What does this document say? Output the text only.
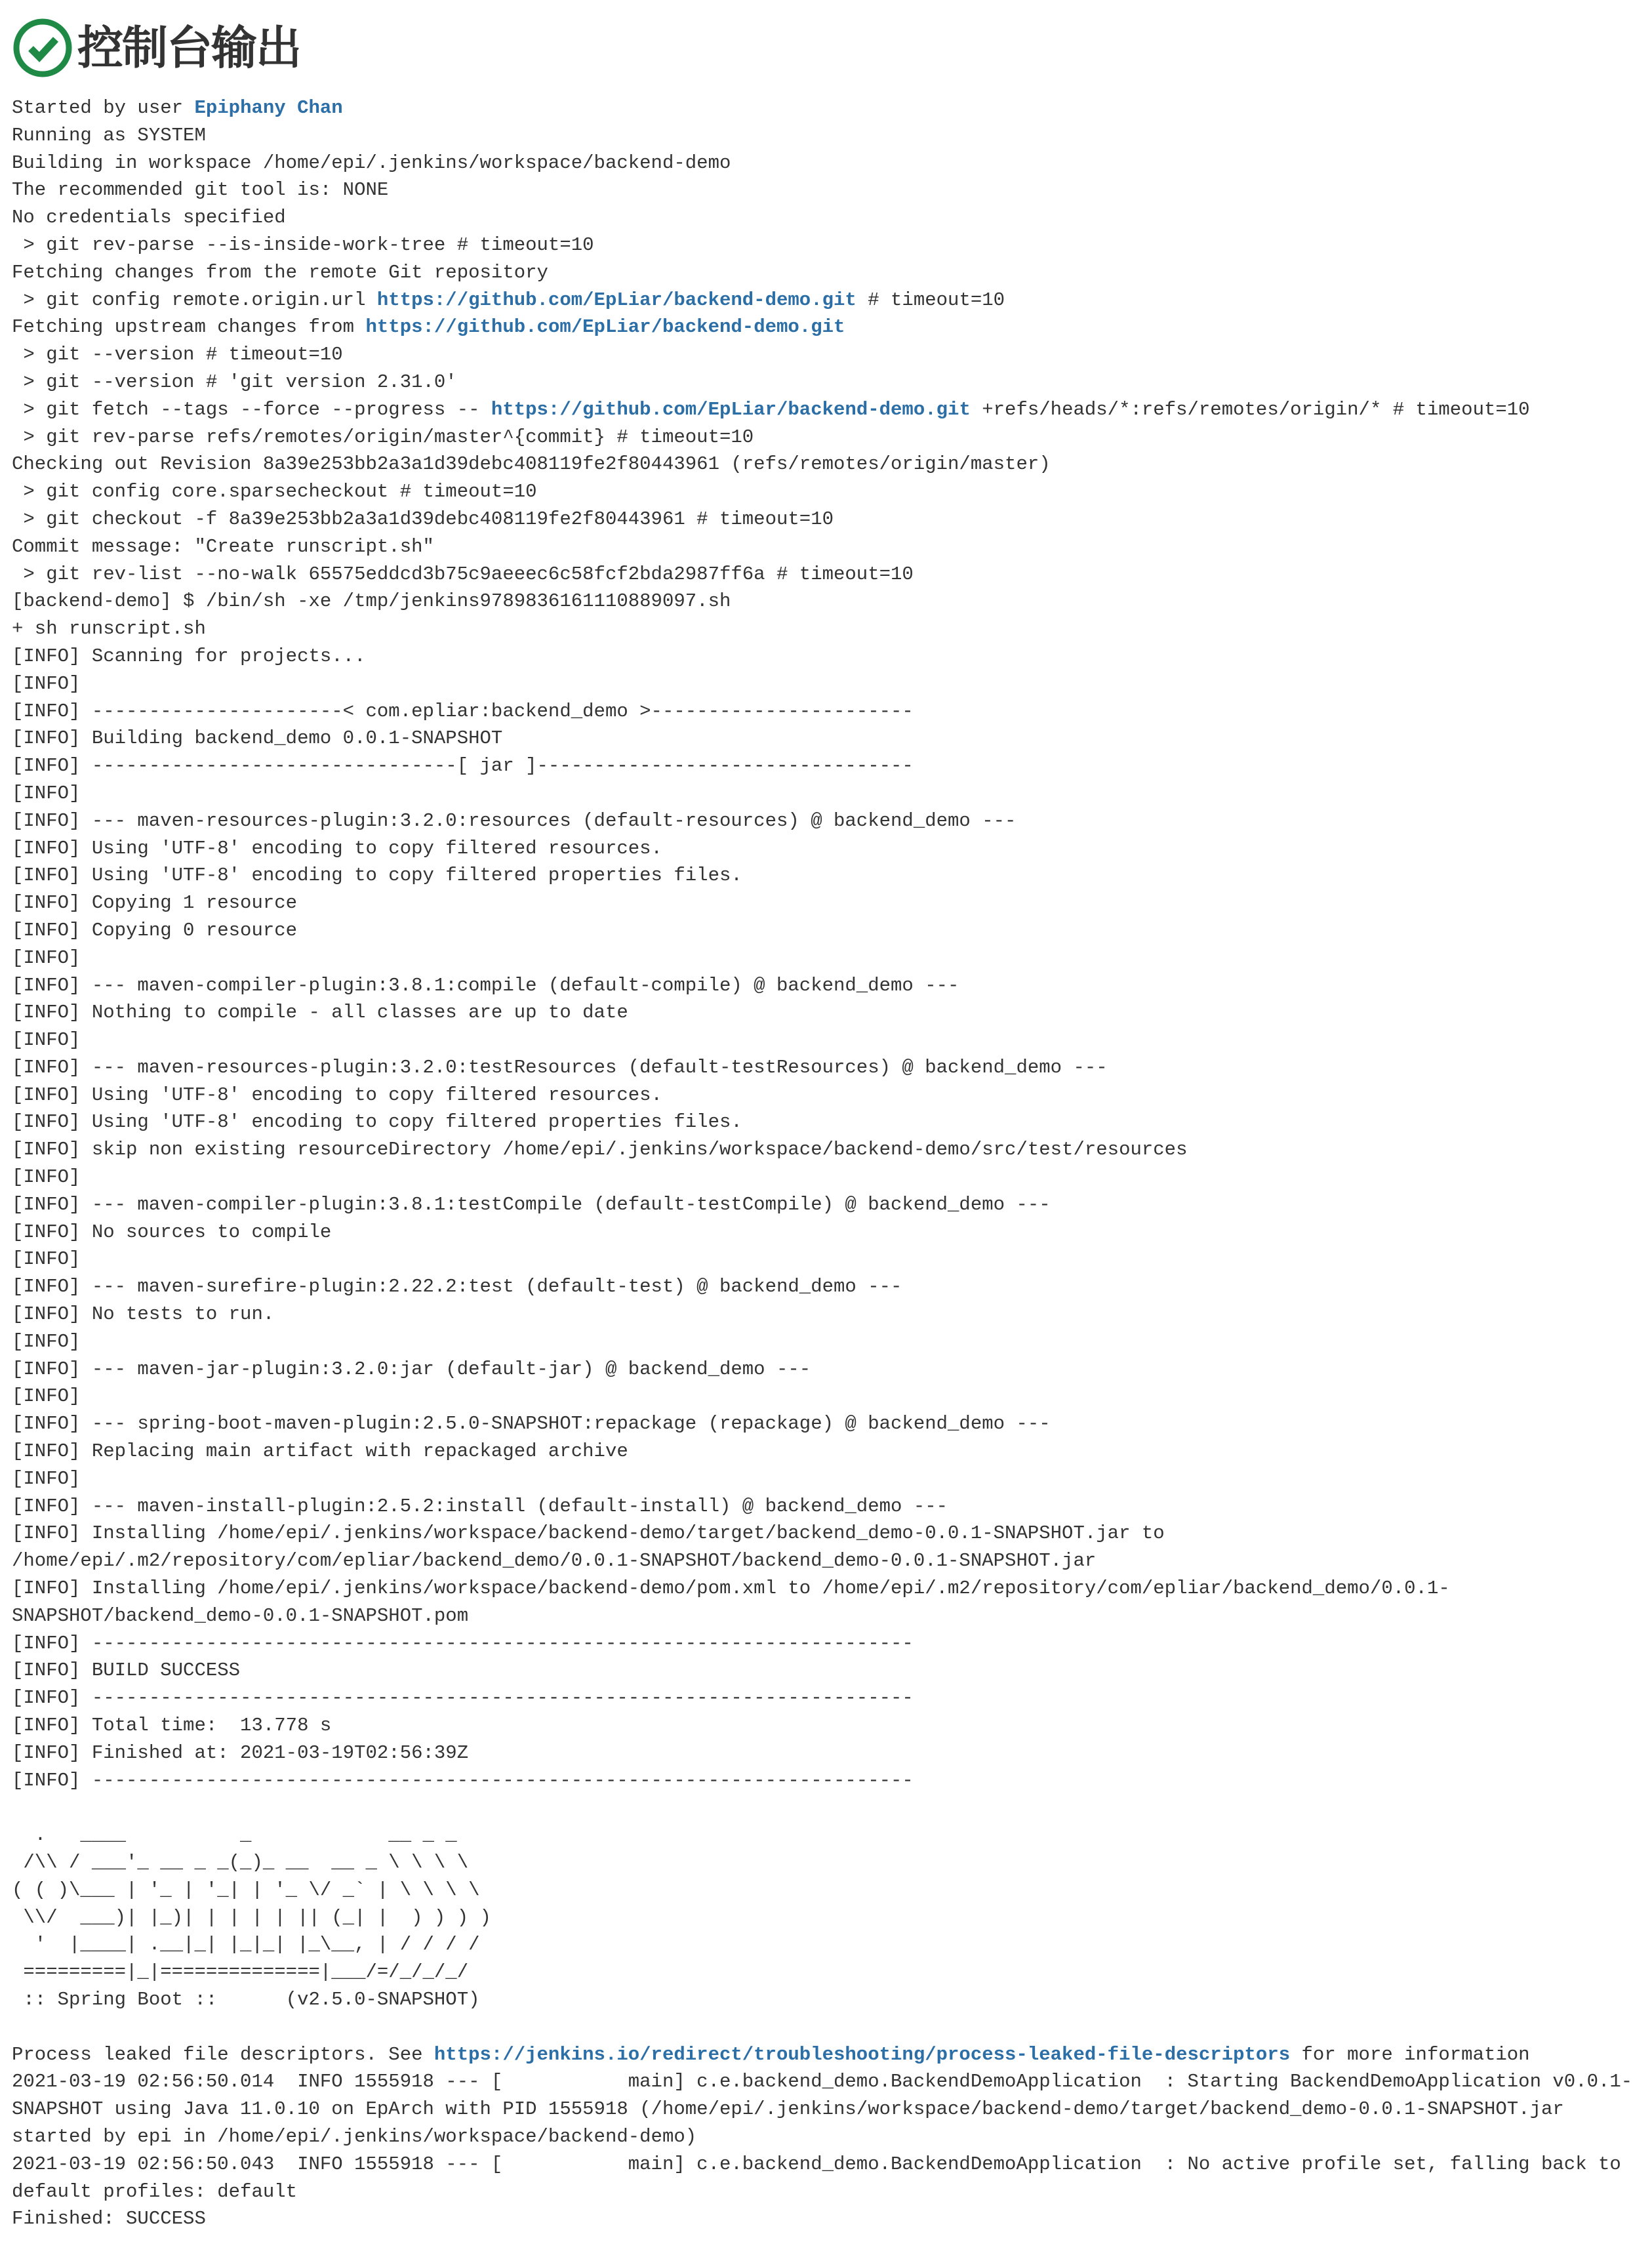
控制台输出
Started by user Epiphany Chan
Running as SYSTEM
Building in workspace /home/epi/.jenkins/workspace/backend-demo
The recommended git tool is: NONE
No credentials specified
> git rev-parse --is-inside-work-tree # timeout=10
Fetching changes from the remote Git repository
> git config remote.origin.url https://github.com/EpLiar/backend-demo.git # timeout=10
Fetching upstream changes from https://github.com/EpLiar/backend-demo.git
> git --version # timeout=10
> git --version # 'git version 2.31.0'
> git fetch --tags --force --progress -- https://github.com/EpLiar/backend-demo.git +refs/heads/*:refs/remotes/origin/* # timeout=10
> git rev-parse refs/remotes/origin/master^{commit} # timeout=10
Checking out Revision 8a39e253bb2a3a1d39debc408119fe2f80443961 (refs/remotes/origin/master)
> git config core.sparsecheckout # timeout=10
> git checkout -f 8a39e253bb2a3a1d39debc408119fe2f80443961 # timeout=10
Commit message: "Create runscript.sh"
> git rev-list --no-walk 65575eddcd3b75c9aeeec6c58fcf2bda2987ff6a # timeout=10
[backend-demo] $ /bin/sh -xe /tmp/jenkins9789836161110889097.sh
+ sh runscript.sh
[INFO] Scanning for projects...
[INFO]
[INFO] ----------------------< com.epliar:backend_demo >-----------------------
[INFO] Building backend_demo 0.0.1-SNAPSHOT
[INFO] --------------------------------[ jar ]---------------------------------
[INFO]
[INFO] --- maven-resources-plugin:3.2.0:resources (default-resources) @ backend_demo ---
[INFO] Using 'UTF-8' encoding to copy filtered resources.
[INFO] Using 'UTF-8' encoding to copy filtered properties files.
[INFO] Copying 1 resource
[INFO] Copying 0 resource
[INFO]
[INFO] --- maven-compiler-plugin:3.8.1:compile (default-compile) @ backend_demo ---
[INFO] Nothing to compile - all classes are up to date
[INFO]
[INFO] --- maven-resources-plugin:3.2.0:testResources (default-testResources) @ backend_demo ---
[INFO] Using 'UTF-8' encoding to copy filtered resources.
[INFO] Using 'UTF-8' encoding to copy filtered properties files.
[INFO] skip non existing resourceDirectory /home/epi/.jenkins/workspace/backend-demo/src/test/resources
[INFO]
[INFO] --- maven-compiler-plugin:3.8.1:testCompile (default-testCompile) @ backend_demo ---
[INFO] No sources to compile
[INFO]
[INFO] --- maven-surefire-plugin:2.22.2:test (default-test) @ backend_demo ---
[INFO] No tests to run.
[INFO]
[INFO] --- maven-jar-plugin:3.2.0:jar (default-jar) @ backend_demo ---
[INFO]
[INFO] --- spring-boot-maven-plugin:2.5.0-SNAPSHOT:repackage (repackage) @ backend_demo ---
[INFO] Replacing main artifact with repackaged archive
[INFO]
[INFO] --- maven-install-plugin:2.5.2:install (default-install) @ backend_demo ---
[INFO] Installing /home/epi/.jenkins/workspace/backend-demo/target/backend_demo-0.0.1-SNAPSHOT.jar to
/home/epi/.m2/repository/com/epliar/backend_demo/0.0.1-SNAPSHOT/backend_demo-0.0.1-SNAPSHOT.jar
[INFO] Installing /home/epi/.jenkins/workspace/backend-demo/pom.xml to /home/epi/.m2/repository/com/epliar/backend_demo/0.0.1-
SNAPSHOT/backend_demo-0.0.1-SNAPSHOT.pom
[INFO] ------------------------------------------------------------------------
[INFO] BUILD SUCCESS
[INFO] ------------------------------------------------------------------------
[INFO] Total time:  13.778 s
[INFO] Finished at: 2021-03-19T02:56:39Z
[INFO] ------------------------------------------------------------------------
.   ____          _            __ _ _
/\\ / ___'_ __ _ _(_)_ __  __ _ \ \ \ \
( ( )\___ | '_ | '_| | '_ \/ _` | \ \ \ \
\\/  ___)| |_)| | | | | || (_| |  ) ) ) )
'  |____| .__|_| |_|_| |_\__, | / / / /
=========|_|==============|___/=/_/_/_/
:: Spring Boot ::      (v2.5.0-SNAPSHOT)
Process leaked file descriptors. See https://jenkins.io/redirect/troubleshooting/process-leaked-file-descriptors for more information
2021-03-19 02:56:50.014  INFO 1555918 --- [           main] c.e.backend_demo.BackendDemoApplication  : Starting BackendDemoApplication v0.0.1-
SNAPSHOT using Java 11.0.10 on EpArch with PID 1555918 (/home/epi/.jenkins/workspace/backend-demo/target/backend_demo-0.0.1-SNAPSHOT.jar
started by epi in /home/epi/.jenkins/workspace/backend-demo)
2021-03-19 02:56:50.043  INFO 1555918 --- [           main] c.e.backend_demo.BackendDemoApplication  : No active profile set, falling back to
default profiles: default
Finished: SUCCESS
